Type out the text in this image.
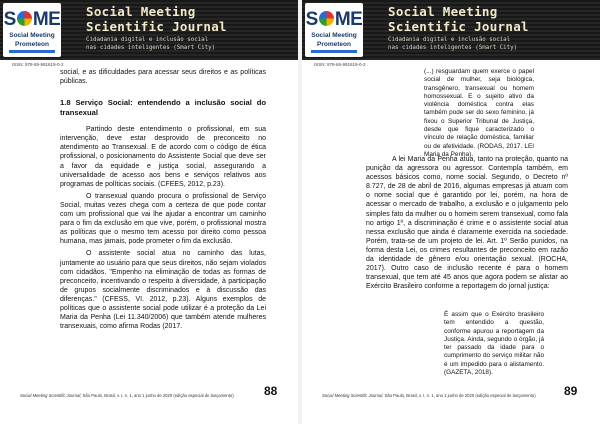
S ME
Social Meeting
Prometeon
Social Meeting
Scientific Journal
Cidadania digital e inclusão social
nas cidades inteligentes (Smart City)
ISSN: 978-65-991619-0-2

social, e as dificuldades para acessar seus direitos e as políticas públicas.

1.8 Serviço Social: entendendo a inclusão social do transexual

Partindo deste entendimento o profissional, em sua intervenção, deve estar desprovido de preconceito no atendimento ao Transexual. E de acordo com o código de ética profissional, o posicionamento do Assistente Social que deve ser a favor da equidade e justiça social, assegurando a universalidade de acesso aos bens e serviços relativos aos programas de políticas sociais. (CFEES, 2012, p.23).

O transexual quando procura o profissional de Serviço Social, muitas vezes chega com a certeza de que pode contar com um profissional que vai lhe ajudar a encontrar um caminho para o fim da exclusão em que vive, porém, o profissional mostra as políticas que o mesmo tem acesso por direito como pessoa humana, mas jamais, pode prometer o fim da exclusão.

O assistente social atua no caminho das lutas, juntamente ao usuário para que seus direitos, não sejam violados com cidadãos. "Empenho na eliminação de todas as formas de preconceito, incentivando o respeito à diversidade, à participação de grupos socialmente discriminados e à discussão das diferenças." (CFESS, VI. 2012, p.23). Alguns exemplos de políticas que o assistente social pode utilizar é a proteção da Lei Maria da Penha (Lei 11.340/2006) que também atende mulheres transexuais, como afirma Rodas (2017.

Social Meeting Scientific Journal, São Paulo, Brasil, v. I, n. 1, ano 1 junho de 2020 (edição especial de lançamento)	88
S ME
Social Meeting
Prometeon
Social Meeting
Scientific Journal
Cidadania digital e inclusão social
nas cidades inteligentes (Smart City)
ISSN: 978-65-991619-0-2
(...) resguardam quem exerce o papel social de mulher, seja biológica, transgênero, transexual ou homem homossexual. E o sujeito ativo da violência doméstica contra elas também pode ser do sexo feminino, já fixou o Superior Tribunal de Justiça, desde que fique caracterizado o vínculo de relação doméstica, familiar ou de afetividade. (RODAS, 2017. LEI Maria da Penha).

A lei Maria da Penha atua, tanto na proteção, quanto na punição da agressora ou agressor. Contempla também, em acessos básicos como, nome social. Segundo, o Decreto nº 8.727, de 28 de abril de 2016, algumas empresas já atuam com o nome social que é garantido por lei, porém, na hora de acessar o mercado de trabalho, a exclusão e o julgamento pelo simples fato da mulher ou o homem serem transexual, como fala no artigo 1º, a discriminação é crime e o assistente social atua nessa exclusão que ainda é claramente exercida na sociedade. Porém, trata-se de um projeto de lei. Art. 1º Serão punidos, na forma desta Lei, os crimes resultantes de preconceito em razão da identidade de gênero e/ou orientação sexual. (ROCHA, 2017). Outro caso de inclusão recente é para o homem transexual, que tem até 45 anos que agora podem se alistar ao Exército Brasileiro conforme a reportagem do jornal justiça:

É assim que o Exército brasileiro tem entendido a questão, conforme apurou a reportagem da Justiça. Ainda, segundo o órgão, já ter passado da idade para o cumprimento do serviço militar não é um impedido para o alistamento. (GAZETA, 2018).
Social Meeting Scientific Journal, São Paulo, Brasil, v. I, n. 1, ano 1 junho de 2020 (edição especial de lançamento) 89
